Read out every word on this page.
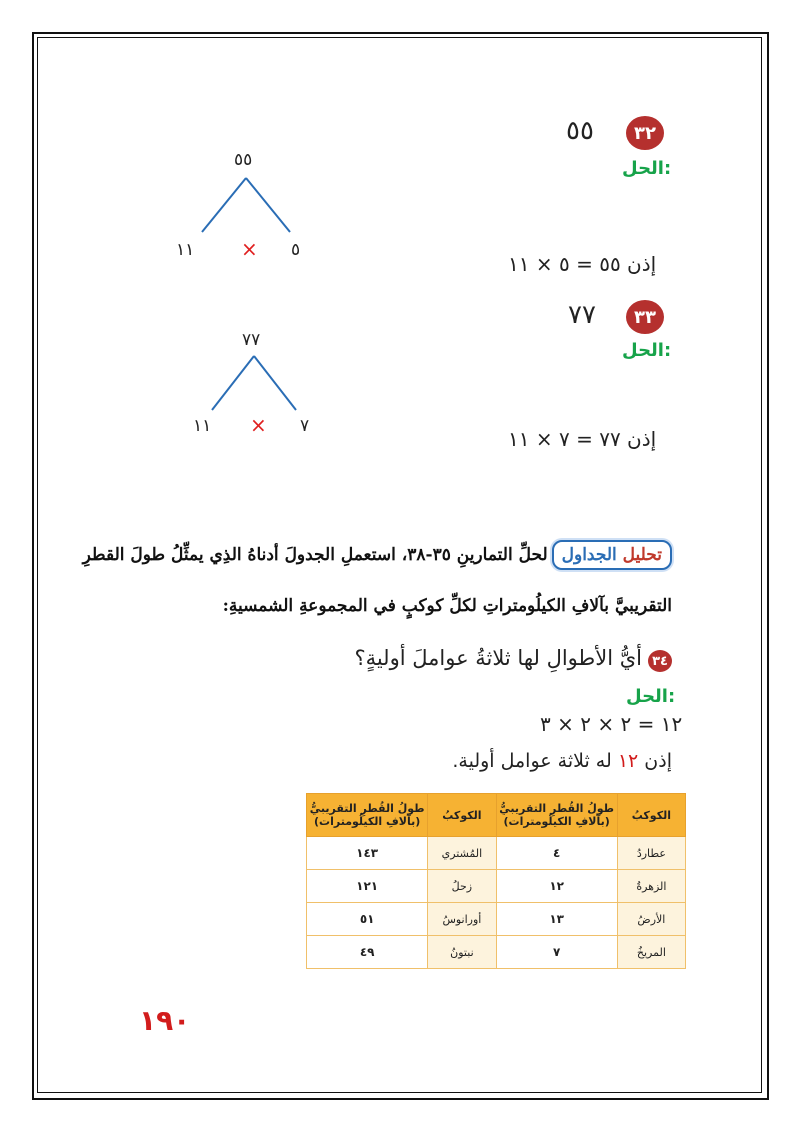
٣٢
٥٥
الحل:
٥٥
١١ × ٥
إذن ٥٥ = ٥ × ١١
٣٣
٧٧
الحل:
٧٧
١١ × ٧
إذن ٧٧ = ٧ × ١١
تحليل الجداوللحلِّ التمارينِ ٣٥-٣٨، استعملِ الجدولَ أدناهُ الذِي يمثِّلُ طولَ القطرِ
التقريبيَّ بآلافِ الكيلُومتراتِ لكلِّ كوكبٍ في المجموعةِ الشمسيةِ:
٣٤
أيُّ الأطوالِ لها ثلاثةُ عواملَ أوليةٍ؟
الحل:
١٢ = ٢ × ٢ × ٣
إذن ١٢ له ثلاثة عوامل أولية.
الكوكبُ	طولُ القُطرِ التقريبيُّ (بآلافِ الكيلُومترات)	الكوكبُ	طولُ القُطرِ التقريبيُّ (بآلافِ الكيلُومترات)
عطاردُ	٤	المُشتري	١٤٣
الزهرةُ	١٢	زحلُ	١٢١
الأرضُ	١٣	أورانوسُ	٥١
المريخُ	٧	نبتونُ	٤٩
١٩٠
